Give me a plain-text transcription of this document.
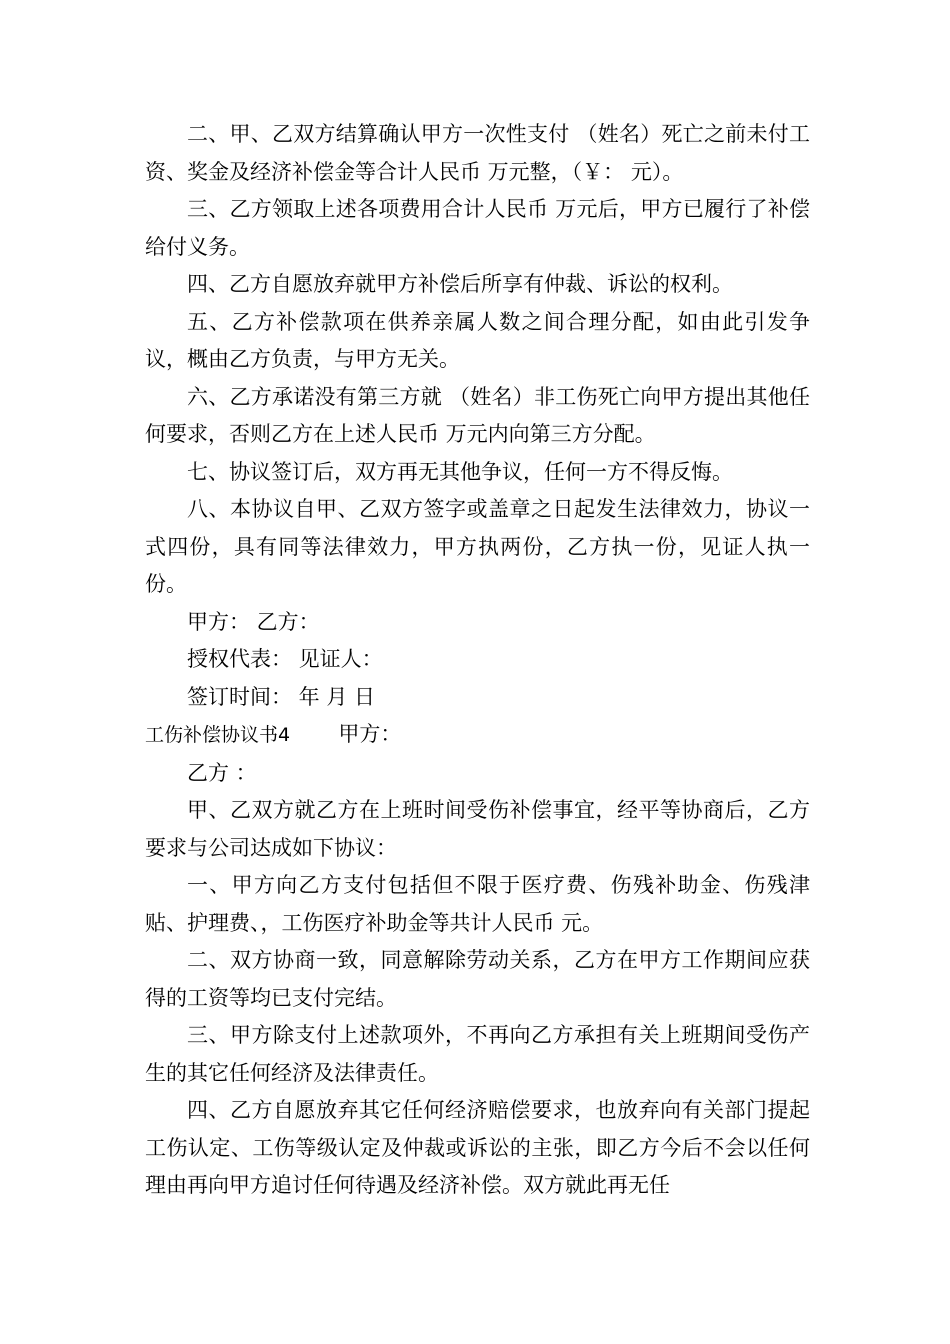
二、甲、乙双方结算确认甲方一次性支付 （姓名）死亡之前未付工资、奖金及经济补偿金等合计人民币 万元整，（￥： 元）。

三、乙方领取上述各项费用合计人民币 万元后，甲方已履行了补偿给付义务。

四、乙方自愿放弃就甲方补偿后所享有仲裁、诉讼的权利。

五、乙方补偿款项在供养亲属人数之间合理分配，如由此引发争议，概由乙方负责，与甲方无关。

六、乙方承诺没有第三方就 （姓名）非工伤死亡向甲方提出其他任何要求，否则乙方在上述人民币 万元内向第三方分配。

七、协议签订后，双方再无其他争议，任何一方不得反悔。

八、本协议自甲、乙双方签字或盖章之日起发生法律效力，协议一式四份，具有同等法律效力，甲方执两份，乙方执一份，见证人执一份。

甲方： 乙方：

授权代表： 见证人：

签订时间： 年 月 日

工伤补偿协议书4 甲方：

乙方 ：

甲、乙双方就乙方在上班时间受伤补偿事宜，经平等协商后，乙方要求与公司达成如下协议：

一、甲方向乙方支付包括但不限于医疗费、伤残补助金、伤残津贴、护理费、，工伤医疗补助金等共计人民币 元。

二、双方协商一致，同意解除劳动关系，乙方在甲方工作期间应获得的工资等均已支付完结。

三、甲方除支付上述款项外，不再向乙方承担有关上班期间受伤产生的其它任何经济及法律责任。

四、乙方自愿放弃其它任何经济赔偿要求，也放弃向有关部门提起工伤认定、工伤等级认定及仲裁或诉讼的主张，即乙方今后不会以任何理由再向甲方追讨任何待遇及经济补偿。双方就此再无任
